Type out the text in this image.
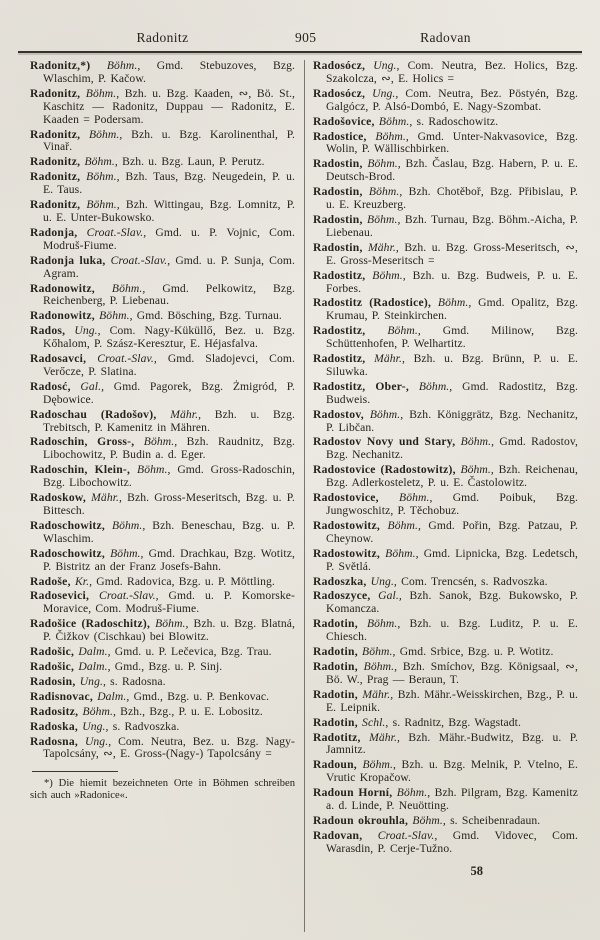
Radonitz	905	Radovan

Radonitz,*) Böhm., Gmd. Stebuzoves, Bzg. Wlaschim, P. Kačow.

Radonitz, Böhm., Bzh. u. Bzg. Kaaden, ∾, Bö. St., Kaschitz — Radonitz, Duppau — Radonitz, E. Kaaden = Podersam.

Radonitz, Böhm., Bzh. u. Bzg. Karolinenthal, P. Vinař.

Radonitz, Böhm., Bzh. u. Bzg. Laun, P. Perutz.

Radonitz, Böhm., Bzh. Taus, Bzg. Neugedein, P. u. E. Taus.

Radonitz, Böhm., Bzh. Wittingau, Bzg. Lomnitz, P. u. E. Unter-Bukowsko.

Radonja, Croat.-Slav., Gmd. u. P. Vojnic, Com. Modruš-Fiume.

Radonja luka, Croat.-Slav., Gmd. u. P. Sunja, Com. Agram.

Radonowitz, Böhm., Gmd. Pelkowitz, Bzg. Reichenberg, P. Liebenau.

Radonowitz, Böhm., Gmd. Bösching, Bzg. Turnau.

Rados, Ung., Com. Nagy-Küküllő, Bez. u. Bzg. Kőhalom, P. Szász-Keresztur, E. Héjasfalva.

Radosavci, Croat.-Slav., Gmd. Sladojevci, Com. Verőcze, P. Slatina.

Radosć, Gal., Gmd. Pagorek, Bzg. Żmigród, P. Dębowice.

Radoschau (Radošov), Mähr., Bzh. u. Bzg. Trebitsch, P. Kamenitz in Mähren.

Radoschin, Gross-, Böhm., Bzh. Raudnitz, Bzg. Libochowitz, P. Budin a. d. Eger.

Radoschin, Klein-, Böhm., Gmd. Gross-Radoschin, Bzg. Libochowitz.

Radoskow, Mähr., Bzh. Gross-Meseritsch, Bzg. u. P. Bittesch.

Radoschowitz, Böhm., Bzh. Beneschau, Bzg. u. P. Wlaschim.

Radoschowitz, Böhm., Gmd. Drachkau, Bzg. Wotitz, P. Bistritz an der Franz Josefs-Bahn.

Radoše, Kr., Gmd. Radovica, Bzg. u. P. Möttling.

Radosevici, Croat.-Slav., Gmd. u. P. Komorske-Moravice, Com. Modruš-Fiume.

Radošice (Radoschitz), Böhm., Bzh. u. Bzg. Blatná, P. Čižkov (Cischkau) bei Blowitz.

Radošic, Dalm., Gmd. u. P. Lečevica, Bzg. Trau.

Radošic, Dalm., Gmd., Bzg. u. P. Sinj.

Radosin, Ung., s. Radosna.

Radisnovac, Dalm., Gmd., Bzg. u. P. Benkovac.

Radositz, Böhm., Bzh., Bzg., P. u. E. Lobositz.

Radoska, Ung., s. Radvoszka.

Radosna, Ung., Com. Neutra, Bez. u. Bzg. Nagy-Tapolcsány, ∾, E. Gross-(Nagy-) Tapolcsány =

*) Die hiemit bezeichneten Orte in Böhmen schreiben sich auch »Radonice«.

Radosócz, Ung., Com. Neutra, Bez. Holics, Bzg. Szakolcza, ∾, E. Holics =

Radosócz, Ung., Com. Neutra, Bez. Pöstyén, Bzg. Galgócz, P. Alsó-Dombó, E. Nagy-Szombat.

Radošovice, Böhm., s. Radoschowitz.

Radostice, Böhm., Gmd. Unter-Nakvasovice, Bzg. Wolin, P. Wällischbirken.

Radostin, Böhm., Bzh. Časlau, Bzg. Habern, P. u. E. Deutsch-Brod.

Radostin, Böhm., Bzh. Chotěboř, Bzg. Přibislau, P. u. E. Kreuzberg.

Radostin, Böhm., Bzh. Turnau, Bzg. Böhm.-Aicha, P. Liebenau.

Radostin, Mähr., Bzh. u. Bzg. Gross-Meseritsch, ∾, E. Gross-Meseritsch =

Radostitz, Böhm., Bzh. u. Bzg. Budweis, P. u. E. Forbes.

Radostitz (Radostice), Böhm., Gmd. Opalitz, Bzg. Krumau, P. Steinkirchen.

Radostitz, Böhm., Gmd. Milinow, Bzg. Schüttenhofen, P. Welhartitz.

Radostitz, Mähr., Bzh. u. Bzg. Brünn, P. u. E. Siluwka.

Radostitz, Ober-, Böhm., Gmd. Radostitz, Bzg. Budweis.

Radostov, Böhm., Bzh. Königgrätz, Bzg. Nechanitz, P. Libčan.

Radostov Novy und Stary, Böhm., Gmd. Radostov, Bzg. Nechanitz.

Radostovice (Radostowitz), Böhm., Bzh. Reichenau, Bzg. Adlerkosteletz, P. u. E. Častolowitz.

Radostovice, Böhm., Gmd. Poibuk, Bzg. Jungwoschitz, P. Těchobuz.

Radostowitz, Böhm., Gmd. Pořin, Bzg. Patzau, P. Cheynow.

Radostowitz, Böhm., Gmd. Lipnicka, Bzg. Ledetsch, P. Světlá.

Radoszka, Ung., Com. Trencsén, s. Radvoszka.

Radoszyce, Gal., Bzh. Sanok, Bzg. Bukowsko, P. Komancza.

Radotin, Böhm., Bzh. u. Bzg. Luditz, P. u. E. Chiesch.

Radotin, Böhm., Gmd. Srbice, Bzg. u. P. Wotitz.

Radotin, Böhm., Bzh. Smíchov, Bzg. Königsaal, ∾, Bö. W., Prag — Beraun, T.

Radotin, Mähr., Bzh. Mähr.-Weisskirchen, Bzg., P. u. E. Leipnik.

Radotin, Schl., s. Radnitz, Bzg. Wagstadt.

Radotitz, Mähr., Bzh. Mähr.-Budwitz, Bzg. u. P. Jamnitz.

Radoun, Böhm., Bzh. u. Bzg. Melnik, P. Vtelno, E. Vrutic Kropačow.

Radoun Horní, Böhm., Bzh. Pilgram, Bzg. Kamenitz a. d. Linde, P. Neuötting.

Radoun okrouhla, Böhm., s. Scheibenradaun.

Radovan, Croat.-Slav., Gmd. Vidovec, Com. Warasdin, P. Cerje-Tužno.

58
